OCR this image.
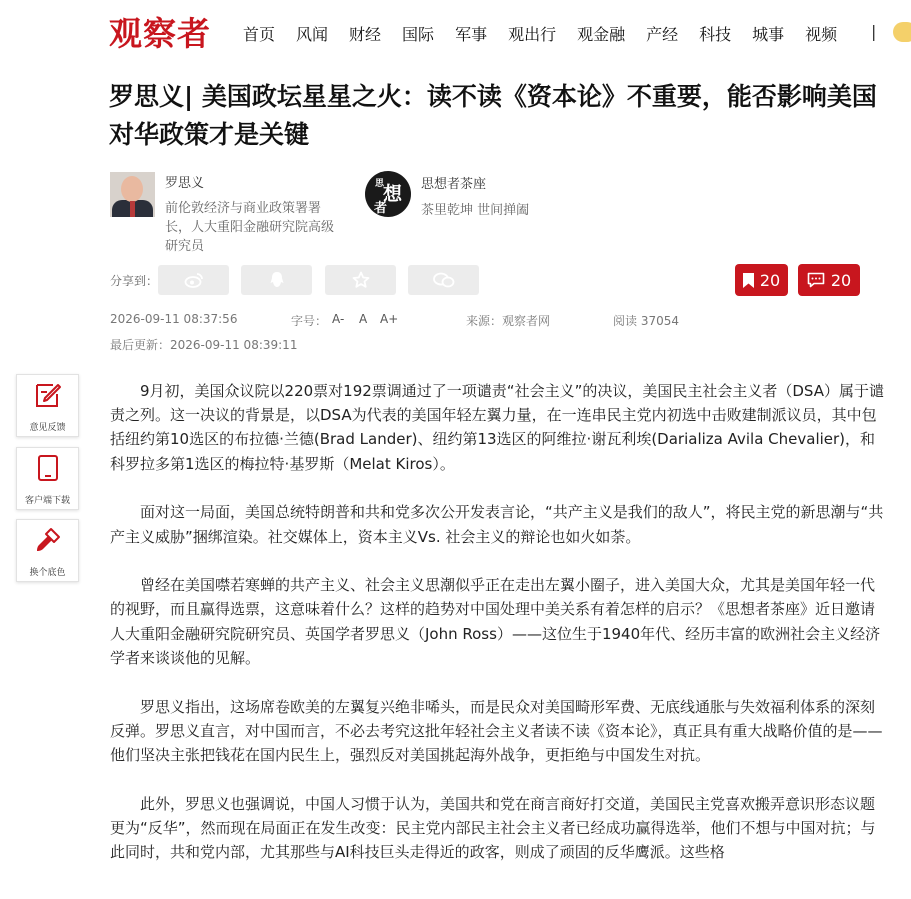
观察者 首页 风闻 财经 国际 军事 观出行 观金融 产经 科技 城事 视频 |
罗思义| 美国政坛星星之火：读不读《资本论》不重要，能否影响美国对华政策才是关键
罗思义
前伦敦经济与商业政策署署长，人大重阳金融研究院高级研究员
思
想
者
思想者茶座
茶里乾坤 世间掸阖
分享到：	20	20
2026-09-11 08:37:56	字号： A- A A+	来源：观察者网	阅读 37054
最后更新：2026-09-11 08:39:11
意见反馈
客户端下载
换个底色

9月初，美国众议院以220票对192票调通过了一项谴责“社会主义”的决议，美国民主社会主义者（DSA）属于谴责之列。这一决议的背景是，以DSA为代表的美国年轻左翼力量，在一连串民主党内初选中击败建制派议员，其中包括纽约第10选区的布拉德·兰德(Brad Lander)、纽约第13选区的阿维拉·谢瓦利埃(Darializa Avila Chevalier)，和科罗拉多第1选区的梅拉特·基罗斯（Melat Kiros）。

面对这一局面，美国总统特朗普和共和党多次公开发表言论，“共产主义是我们的敌人”，将民主党的新思潮与“共产主义威胁”捆绑渲染。社交媒体上，资本主义Vs. 社会主义的辩论也如火如荼。

曾经在美国噤若寒蝉的共产主义、社会主义思潮似乎正在走出左翼小圈子，进入美国大众，尤其是美国年轻一代的视野，而且赢得选票，这意味着什么？这样的趋势对中国处理中美关系有着怎样的启示？《思想者茶座》近日邀请人大重阳金融研究院研究员、英国学者罗思义（John Ross）——这位生于1940年代、经历丰富的欧洲社会主义经济学者来谈谈他的见解。

罗思义指出，这场席卷欧美的左翼复兴绝非唏头，而是民众对美国畸形军费、无底线通胀与失效福利体系的深刻反弹。罗思义直言，对中国而言，不必去考究这批年轻社会主义者读不读《资本论》，真正具有重大战略价值的是——他们坚决主张把钱花在国内民生上，强烈反对美国挑起海外战争，更拒绝与中国发生对抗。

此外，罗思义也强调说，中国人习惯于认为，美国共和党在商言商好打交道，美国民主党喜欢搬弄意识形态议题更为“反华”，然而现在局面正在发生改变：民主党内部民主社会主义者已经成功赢得选举，他们不想与中国对抗；与此同时，共和党内部，尤其那些与AI科技巨头走得近的政客，则成了顽固的反华鹰派。这些格
